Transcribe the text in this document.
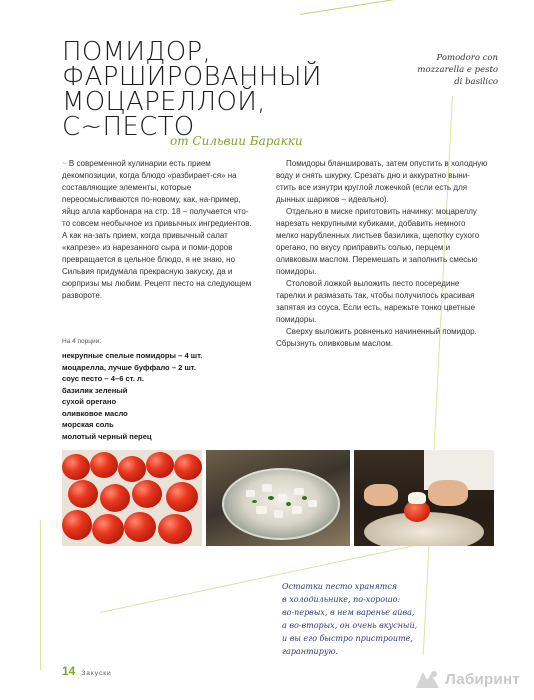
ПОМИДОР,
ФАРШИРОВАННЫЙ
МОЦАРЕЛЛОЙ,
С~ПЕСТО
от Сильвии Баракки
Pomodoro con
mozzarella e pesto
di basilico

~ В современной кулинарии есть прием декомпозиции, когда блюдо «разбирает-ся» на составляющие элементы, которые переосмысливаются по-новому, как, на-пример, яйцо алла карбонара на стр. 18 – получается что-то совсем необычное из привычных ингредиентов. А как на-зать прием, когда привычный салат «капрезе» из нарезанного сыра и поми-доров превращается в цельное блюдо, я не знаю, но Сильвия придумала прекрасную закуску, да и сюрпризы мы любим. Рецепт песто на следующем развороте.

На 4 порции:
некрупные спелые помидоры – 4 шт.
моцарелла, лучше буффало – 2 шт.
соус песто – 4–6 ст. л.
базилик зеленый
сухой орегано
оливковое масло
морская соль
молотый черный перец

Помидоры бланшировать, затем опустить в холодную воду и снять шкурку. Срезать дно и аккуратно выни-стить все изнутри круглой ложечкой (если есть для дынных шариков – идеально).

Отдельно в миске приготовить начинку: моцареллу нарезать некрупными кубиками, добавить немного мелко нарубленных листьев базилика, щепотку сухого орегано, по вкусу приправить солью, перцем и оливковым маслом. Перемешать и заполнить смесью помидоры.

Столовой ложкой выложить песто посередине тарелки и размазать так, чтобы получилось красивая запятая из соуса. Если есть, нарежьте тонко цветные помидоры.

Сверху выложить ровненько начиненный помидор. Сбрызнуть оливковым маслом.

Остатки песто хранятся
в холодильнике, по-хорошо:
во-первых, в нем варенье айва,
а во-вторых, он очень вкусный,
и вы его быстро пристроите,
гарантирую.
14 Закуски	Лабиринт
